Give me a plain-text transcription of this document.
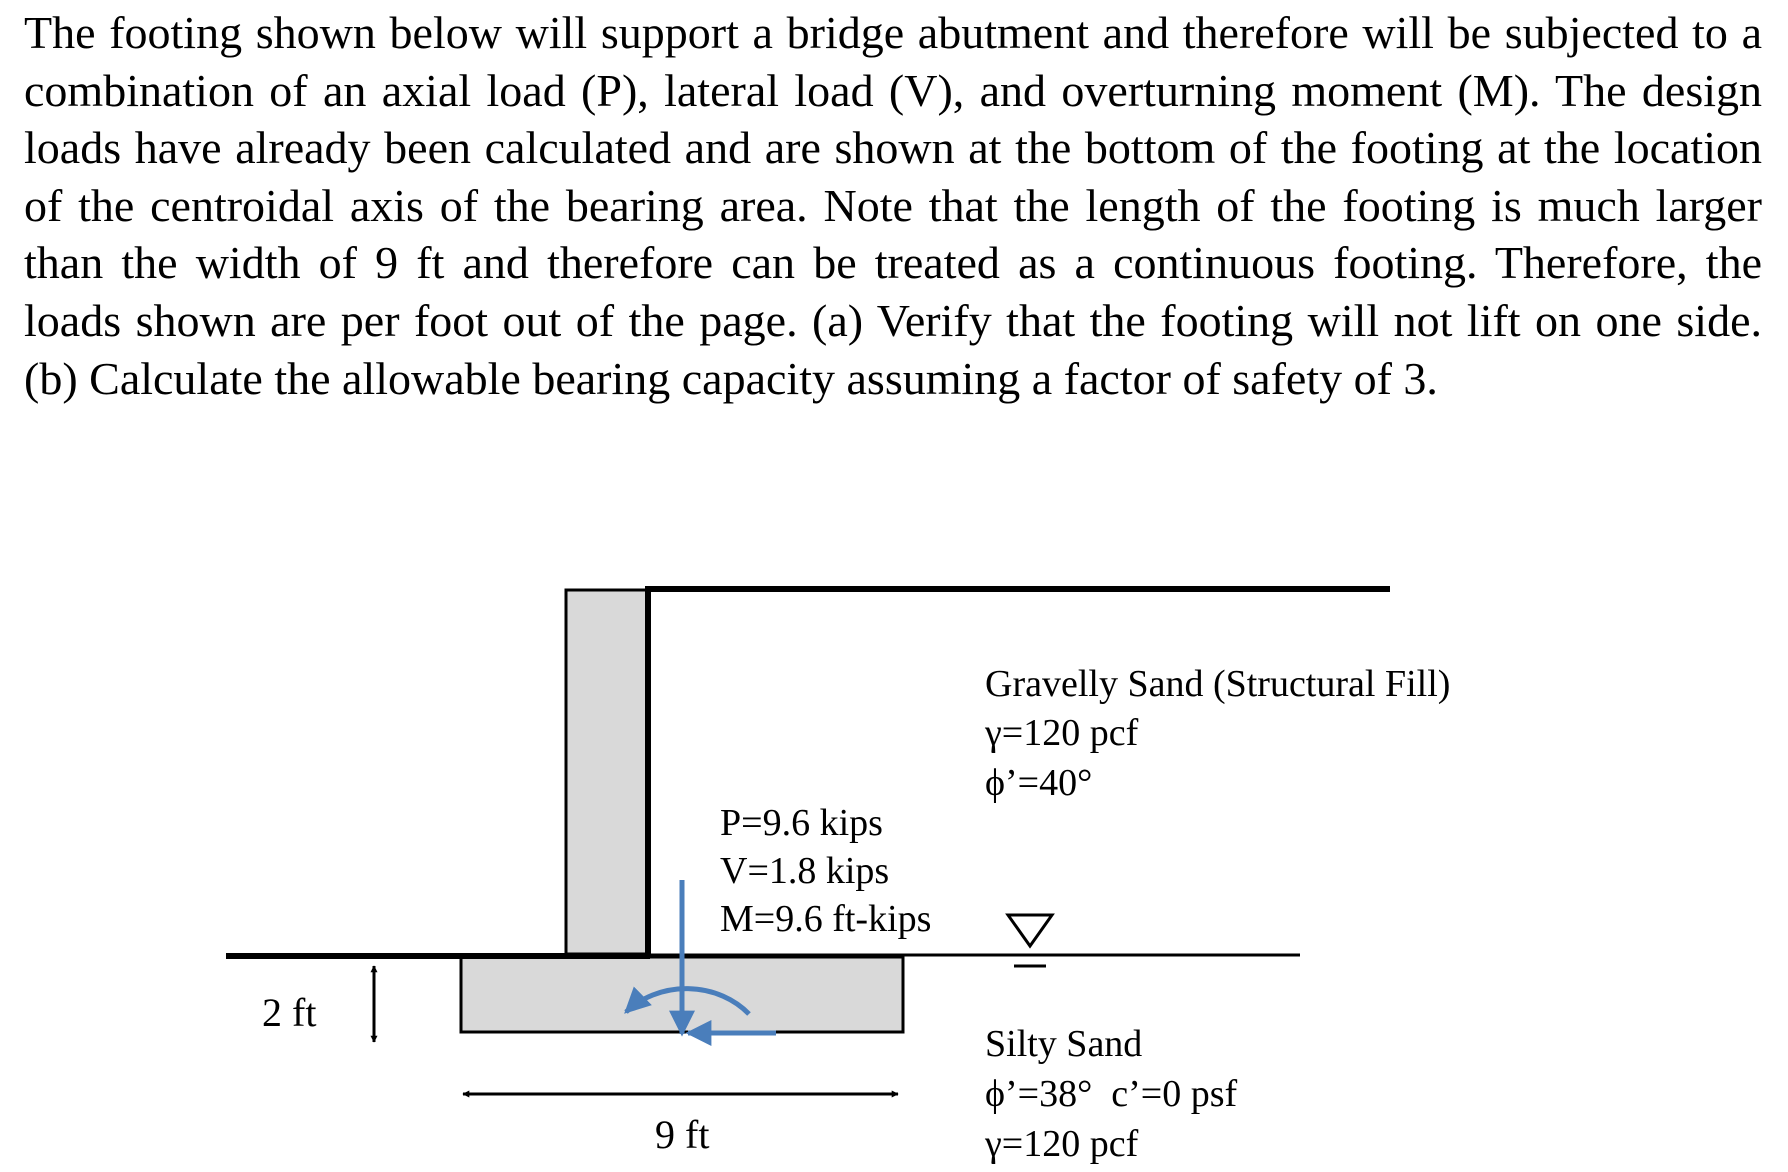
The footing shown below will support a bridge abutment and therefore will be subjected to a combination of an axial load (P), lateral load (V), and overturning moment (M). The design loads have already been calculated and are shown at the bottom of the footing at the location of the centroidal axis of the bearing area. Note that the length of the footing is much larger than the width of 9 ft and therefore can be treated as a continuous footing. Therefore, the loads shown are per foot out of the page. (a) Verify that the footing will not lift on one side. (b) Calculate the allowable bearing capacity assuming a factor of safety of 3.

2 ft
9 ft
P=9.6 kips
V=1.8 kips
M=9.6 ft-kips
Gravelly Sand (Structural Fill)
γ=120 pcf
ϕ’=40°
Silty Sand
ϕ’=38°  c’=0 psf
γ=120 pcf
